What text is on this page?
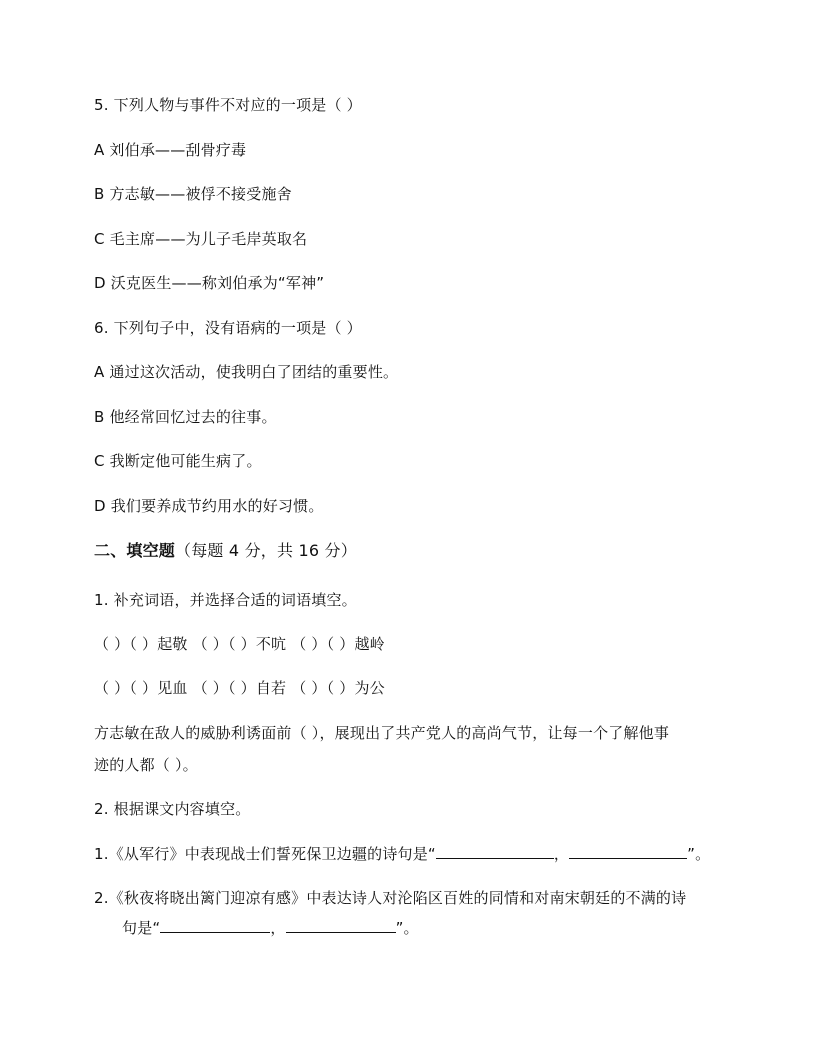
5. 下列人物与事件不对应的一项是（ ）
A 刘伯承——刮骨疗毒
B 方志敏——被俘不接受施舍
C 毛主席——为儿子毛岸英取名
D 沃克医生——称刘伯承为“军神”
6. 下列句子中，没有语病的一项是（ ）
A 通过这次活动，使我明白了团结的重要性。
B 他经常回忆过去的往事。
C 我断定他可能生病了。
D 我们要养成节约用水的好习惯。
二、填空题（每题 4 分，共 16 分）
1. 补充词语，并选择合适的词语填空。
（ ）（ ）起敬 （ ）（ ）不吭 （ ）（ ）越岭
（ ）（ ）见血 （ ）（ ）自若 （ ）（ ）为公
方志敏在敌人的威胁利诱面前（ ），展现出了共产党人的高尚气节，让每一个了解他事
迹的人都（ ）。
2. 根据课文内容填空。
1.《从军行》中表现战士们誓死保卫边疆的诗句是“	，	”。
2.《秋夜将晓出篱门迎凉有感》中表达诗人对沦陷区百姓的同情和对南宋朝廷的不满的诗
句是“	，	”。
